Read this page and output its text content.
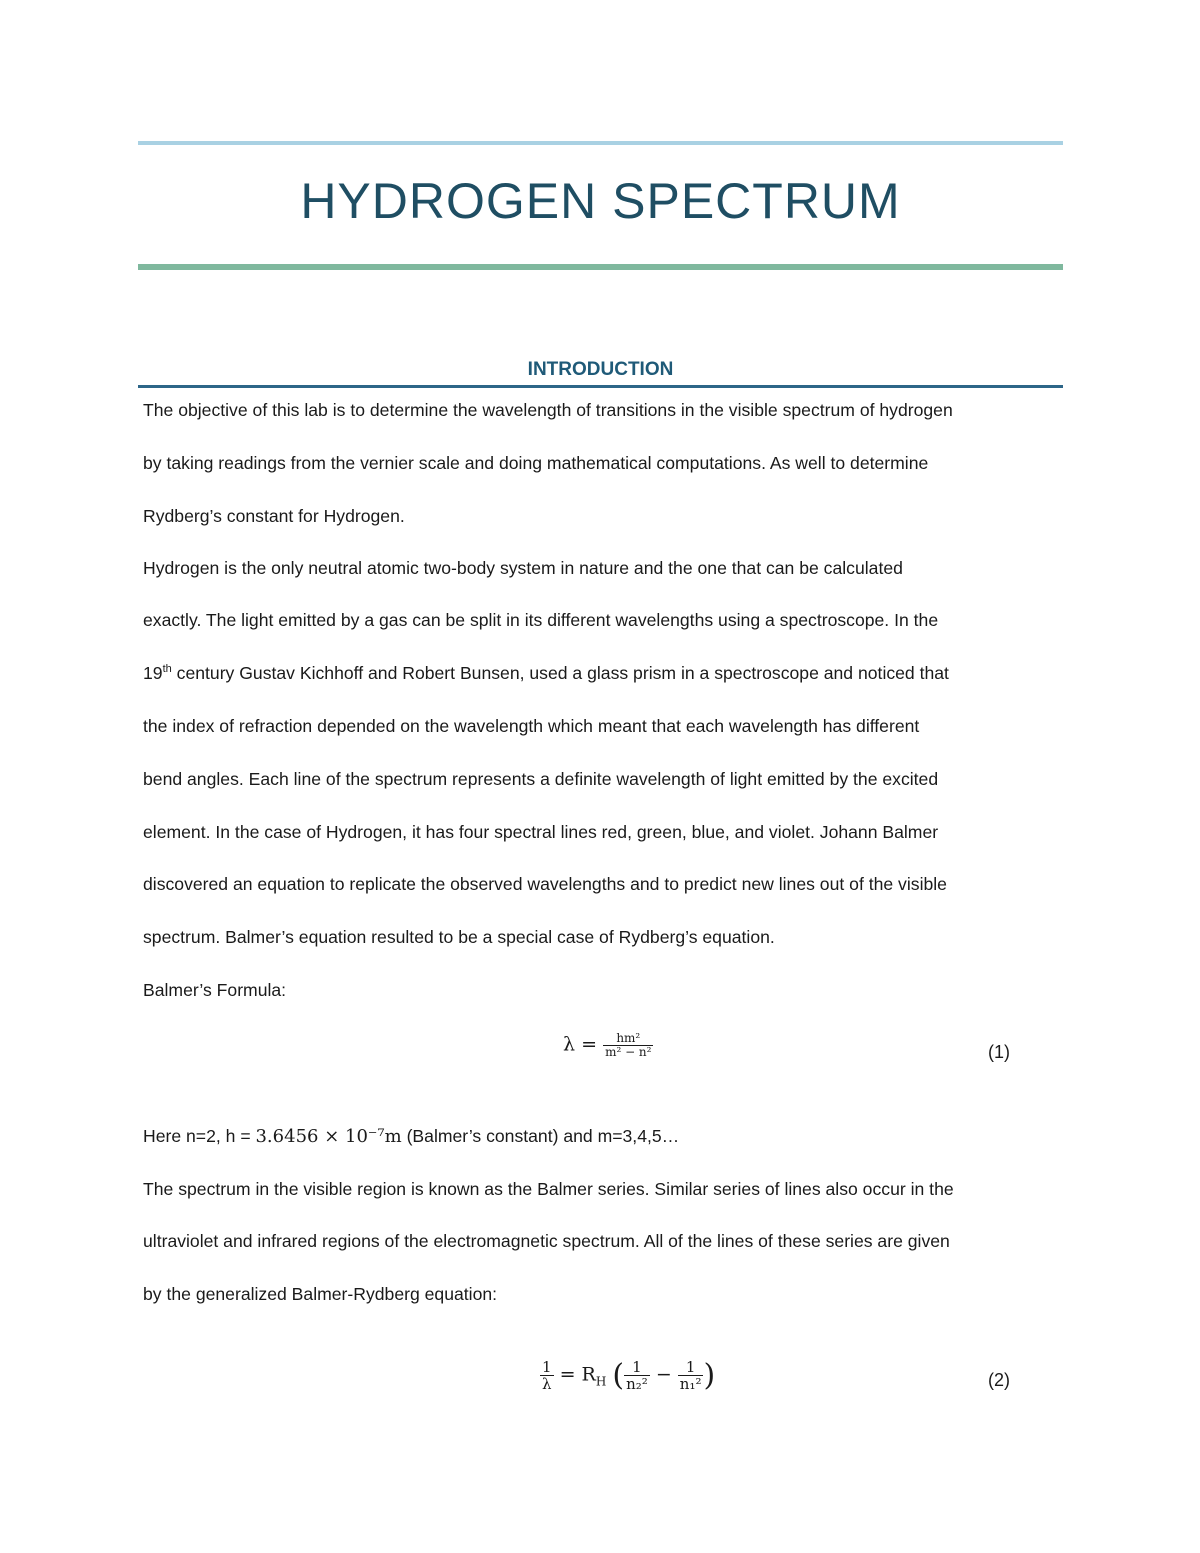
HYDROGEN SPECTRUM
INTRODUCTION
The objective of this lab is to determine the wavelength of transitions in the visible spectrum of hydrogen
by taking readings from the vernier scale and doing mathematical computations. As well to determine
Rydberg’s constant for Hydrogen.
Hydrogen is the only neutral atomic two-body system in nature and the one that can be calculated
exactly. The light emitted by a gas can be split in its different wavelengths using a spectroscope. In the
19th century Gustav Kichhoff and Robert Bunsen, used a glass prism in a spectroscope and noticed that
the index of refraction depended on the wavelength which meant that each wavelength has different
bend angles. Each line of the spectrum represents a definite wavelength of light emitted by the excited
element. In the case of Hydrogen, it has four spectral lines red, green, blue, and violet. Johann Balmer
discovered an equation to replicate the observed wavelengths and to predict new lines out of the visible
spectrum. Balmer’s equation resulted to be a special case of Rydberg’s equation.
Balmer’s Formula:
$\lambda = \frac{\text{hm²}}{\text{m² − n²}}$	(1)
Here n=2, h = 3.6456 × 10⁻⁷m (Balmer’s constant) and m=3,4,5…
The spectrum in the visible region is known as the Balmer series. Similar series of lines also occur in the
ultraviolet and infrared regions of the electromagnetic spectrum. All of the lines of these series are given
by the generalized Balmer-Rydberg equation:
$\frac{1}{\lambda} = R_H$ ( $\frac{1}{\text{n₂²}} - \frac{1}{\text{n₁²}}$ )	(2)
